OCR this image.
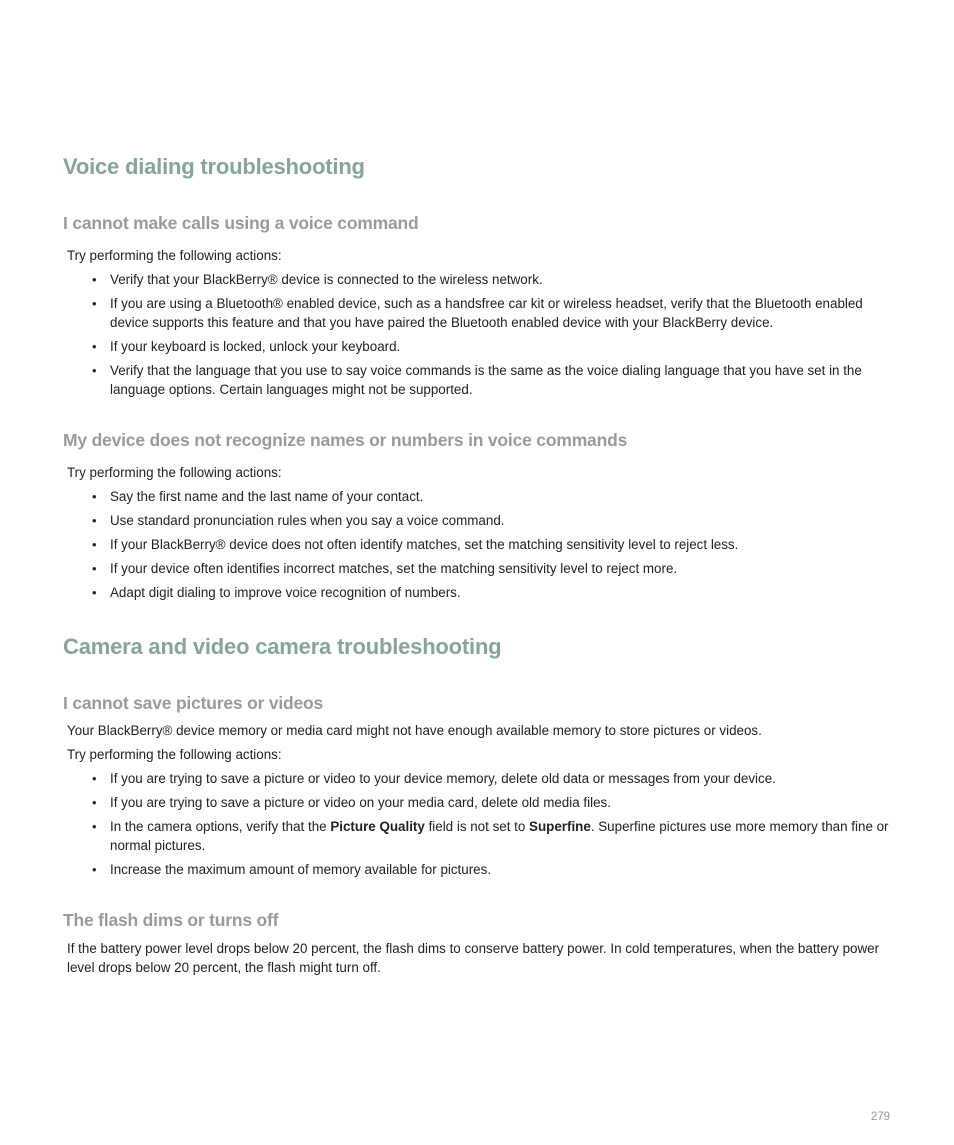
Voice dialing troubleshooting
I cannot make calls using a voice command

Try performing the following actions:

• Verify that your BlackBerry® device is connected to the wireless network.
• If you are using a Bluetooth® enabled device, such as a handsfree car kit or wireless headset, verify that the Bluetooth enabled device supports this feature and that you have paired the Bluetooth enabled device with your BlackBerry device.
• If your keyboard is locked, unlock your keyboard.
• Verify that the language that you use to say voice commands is the same as the voice dialing language that you have set in the language options. Certain languages might not be supported.
My device does not recognize names or numbers in voice commands

Try performing the following actions:

• Say the first name and the last name of your contact.
• Use standard pronunciation rules when you say a voice command.
• If your BlackBerry® device does not often identify matches, set the matching sensitivity level to reject less.
• If your device often identifies incorrect matches, set the matching sensitivity level to reject more.
• Adapt digit dialing to improve voice recognition of numbers.
Camera and video camera troubleshooting
I cannot save pictures or videos

Your BlackBerry® device memory or media card might not have enough available memory to store pictures or videos.

Try performing the following actions:

• If you are trying to save a picture or video to your device memory, delete old data or messages from your device.
• If you are trying to save a picture or video on your media card, delete old media files.
• In the camera options, verify that the Picture Quality field is not set to Superfine. Superfine pictures use more memory than fine or normal pictures.
• Increase the maximum amount of memory available for pictures.
The flash dims or turns off

If the battery power level drops below 20 percent, the flash dims to conserve battery power. In cold temperatures, when the battery power level drops below 20 percent, the flash might turn off.

279
